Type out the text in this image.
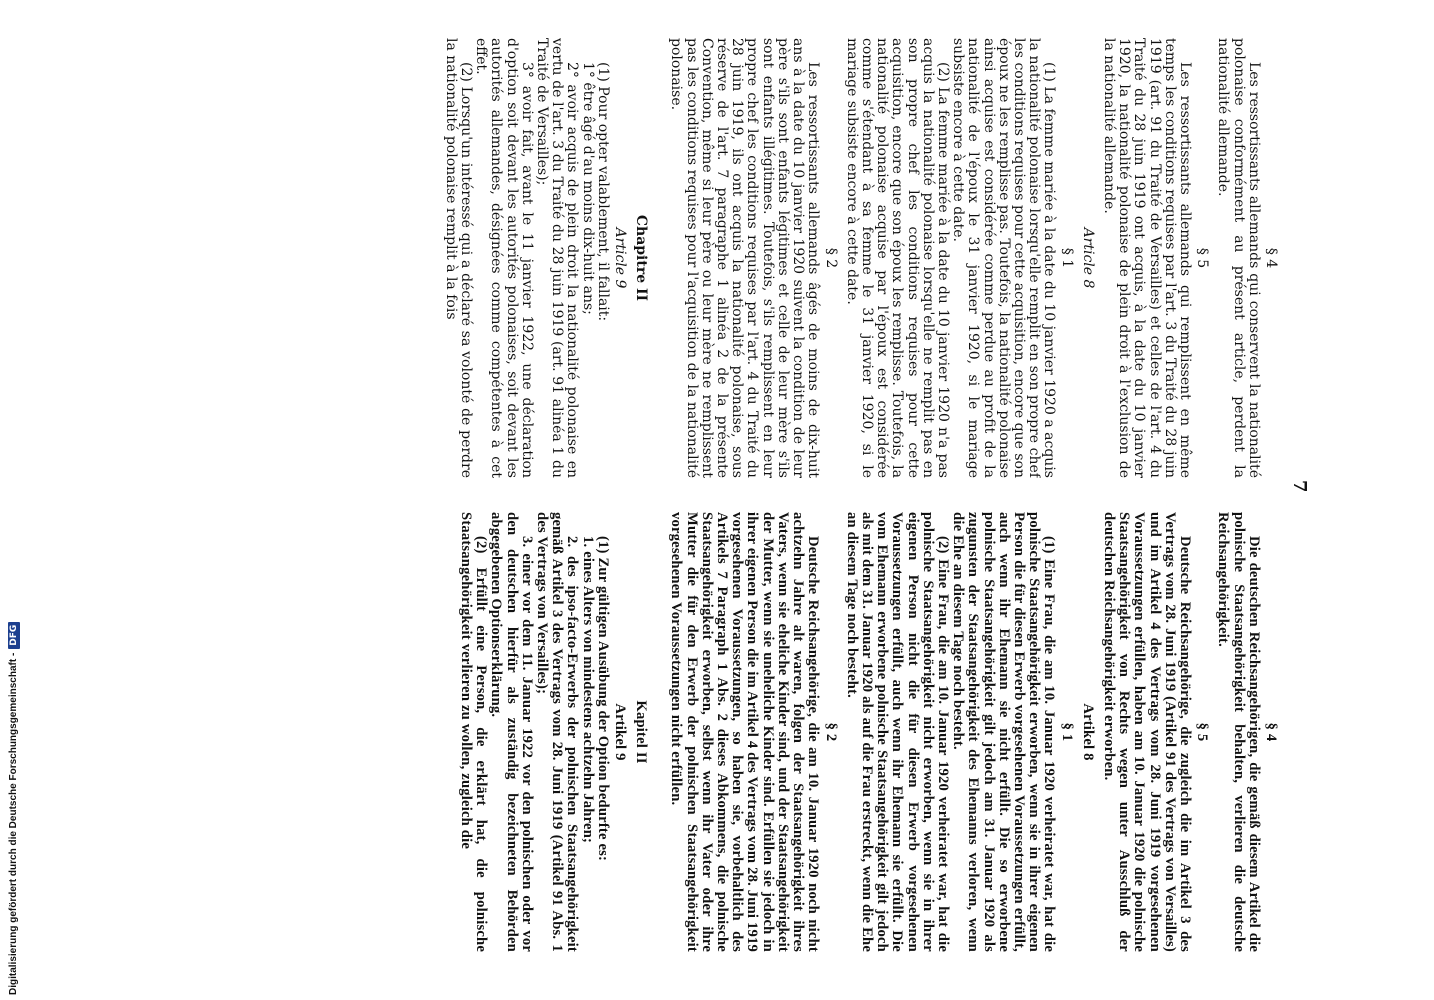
7

§ 4

Les ressortissants allemands qui conservent la nationalité polonaise conformément au présent article, perdent la nationalité allemande.

§ 5

Les ressortissants allemands qui remplissent en même temps les conditions requises par l'art. 3 du Traité du 28 juin 1919 (art. 91 du Traité de Versailles) et celles de l'art. 4 du Traité du 28 juin 1919 ont acquis, à la date du 10 janvier 1920, la nationalité polonaise de plein droit à l'exclusion de la nationalité allemande.

Article 8

§ 1

(1) La femme mariée à la date du 10 janvier 1920 a acquis la nationalité polonaise lorsqu'elle remplit en son propre chef les conditions requises pour cette acquisition, encore que son époux ne les remplisse pas. Toutefois, la nationalité polonaise ainsi acquise est considérée comme perdue au profit de la nationalité de l'époux le 31 janvier 1920, si le mariage subsiste encore à cette date.

(2) La femme mariée à la date du 10 janvier 1920 n'a pas acquis la nationalité polonaise lorsqu'elle ne remplit pas en son propre chef les conditions requises pour cette acquisition, encore que son époux les remplisse. Toutefois, la nationalité polonaise acquise par l'époux est considérée comme s'étendant à sa femme le 31 janvier 1920, si le mariage subsiste encore à cette date.

§ 2

Les ressortissants allemands âgés de moins de dix-huit ans à la date du 10 janvier 1920 suivent la condition de leur père s'ils sont enfants légitimes et celle de leur mère s'ils sont enfants illégitimes. Toutefois, s'ils remplissent en leur propre chef les conditions requises par l'art. 4 du Traité du 28 juin 1919, ils ont acquis la nationalité polonaise, sous réserve de l'art. 7 paragraphe 1 alinéa 2 de la présente Convention, même si leur père ou leur mère ne remplissent pas les conditions requises pour l'acquisition de la nationalité polonaise.

Chapitre II

Article 9

(1) Pour opter valablement, il fallait:

1° être âgé d'au moins dix-huit ans;

2° avoir acquis de plein droit la nationalité polonaise en vertu de l'art. 3 du Traité du 28 juin 1919 (art. 91 alinéa 1 du Traité de Versailles);

3° avoir fait, avant le 11 janvier 1922, une déclaration d'option soit devant les autorités polonaises, soit devant les autorités allemandes, désignées comme compétentes à cet effet.

(2) Lorsqu'un intéressé qui a déclaré sa volonté de perdre la nationalité polonaise remplit à la fois

§ 4

Die deutschen Reichsangehörigen, die gemäß diesem Artikel die polnische Staatsangehörigkeit behalten, verlieren die deutsche Reichsangehörigkeit.

§ 5

Deutsche Reichsangehörige, die zugleich die im Artikel 3 des Vertrags vom 28. Juni 1919 (Artikel 91 des Vertrags von Versailles) und im Artikel 4 des Vertrags vom 28. Juni 1919 vorgesehenen Voraussetzungen erfüllen, haben am 10. Januar 1920 die polnische Staatsangehörigkeit von Rechts wegen unter Ausschluß der deutschen Reichsangehörigkeit erworben.

Artikel 8

§ 1

(1) Eine Frau, die am 10. Januar 1920 verheiratet war, hat die polnische Staatsangehörigkeit erworben, wenn sie in ihrer eigenen Person die für diesen Erwerb vorgesehenen Voraussetzungen erfüllt, auch wenn ihr Ehemann sie nicht erfüllt. Die so erworbene polnische Staatsangehörigkeit gilt jedoch am 31. Januar 1920 als zugunsten der Staatsangehörigkeit des Ehemanns verloren, wenn die Ehe an diesem Tage noch besteht.

(2) Eine Frau, die am 10. Januar 1920 verheiratet war, hat die polnische Staatsangehörigkeit nicht erworben, wenn sie in ihrer eigenen Person nicht die für diesen Erwerb vorgesehenen Voraussetzungen erfüllt, auch wenn ihr Ehemann sie erfüllt. Die vom Ehemann erworbene polnische Staatsangehörigkeit gilt jedoch als mit dem 31. Januar 1920 als auf die Frau erstreckt, wenn die Ehe an diesem Tage noch besteht.

§ 2

Deutsche Reichsangehörige, die am 10. Januar 1920 noch nicht achtzehn Jahre alt waren, folgen der Staatsangehörigkeit ihres Vaters, wenn sie eheliche Kinder sind, und der Staatsangehörigkeit der Mutter, wenn sie uneheliche Kinder sind. Erfüllen sie jedoch in ihrer eigenen Person die im Artikel 4 des Vertrags vom 28. Juni 1919 vorgesehenen Voraussetzungen, so haben sie, vorbehaltlich des Artikels 7 Paragraph 1 Abs. 2 dieses Abkommens, die polnische Staatsangehörigkeit erworben, selbst wenn ihr Vater oder ihre Mutter die für den Erwerb der polnischen Staatsangehörigkeit vorgesehenen Voraussetzungen nicht erfüllen.

Kapitel II

Artikel 9

(1) Zur gültigen Ausübung der Option bedurfte es:

1. eines Alters von mindestens achtzehn Jahren;

2. des ipso-facto-Erwerbs der polnischen Staatsangehörigkeit gemäß Artikel 3 des Vertrags vom 28. Juni 1919 (Artikel 91 Abs. 1 des Vertrags von Versailles);

3. einer vor dem 11. Januar 1922 vor den polnischen oder vor den deutschen hierfür als zuständig bezeichneten Behörden abgegebenen Optionserklärung.

(2) Erfüllt eine Person, die erklärt hat, die polnische Staatsangehörigkeit verlieren zu wollen, zugleich die

Digitalisierung gefördert durch die Deutsche Forschungsgemeinschaft -DFG
